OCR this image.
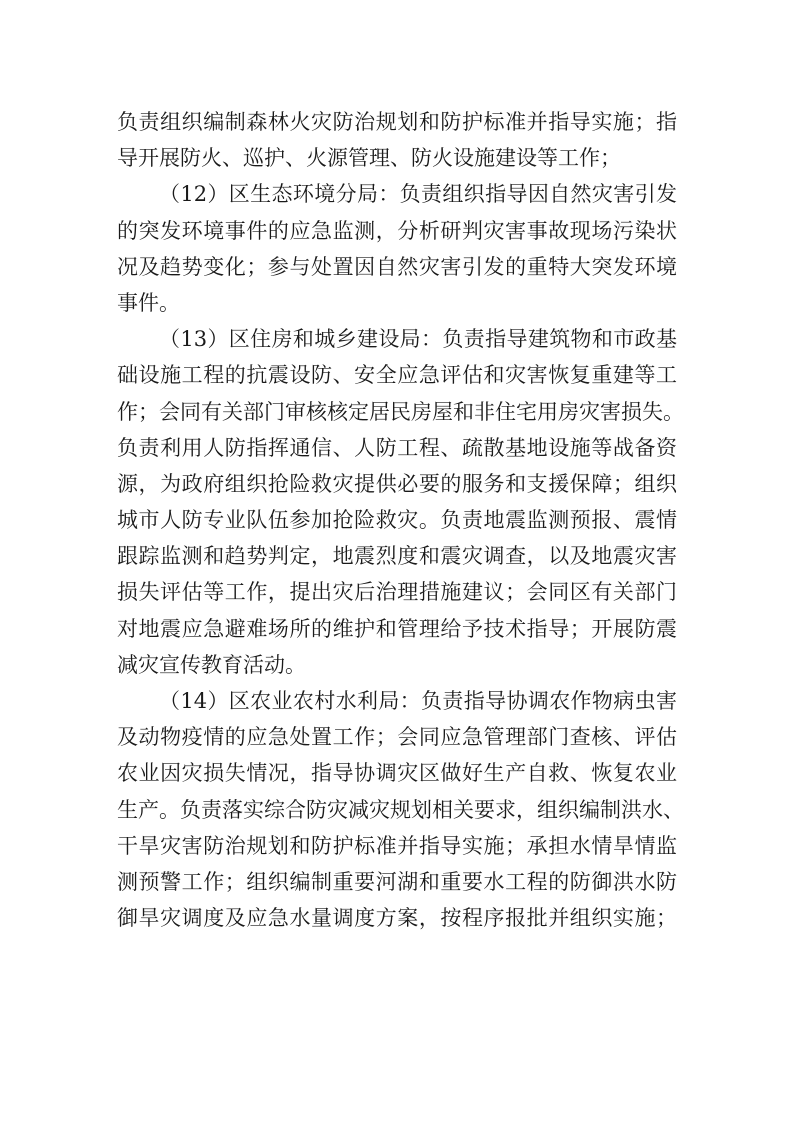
负责组织编制森林火灾防治规划和防护标准并指导实施；指
导开展防火、巡护、火源管理、防火设施建设等工作；
（12）区生态环境分局：负责组织指导因自然灾害引发
的突发环境事件的应急监测，分析研判灾害事故现场污染状
况及趋势变化；参与处置因自然灾害引发的重特大突发环境
事件。
（13）区住房和城乡建设局：负责指导建筑物和市政基
础设施工程的抗震设防、安全应急评估和灾害恢复重建等工
作；会同有关部门审核核定居民房屋和非住宅用房灾害损失。
负责利用人防指挥通信、人防工程、疏散基地设施等战备资
源，为政府组织抢险救灾提供必要的服务和支援保障；组织
城市人防专业队伍参加抢险救灾。负责地震监测预报、震情
跟踪监测和趋势判定，地震烈度和震灾调查，以及地震灾害
损失评估等工作，提出灾后治理措施建议；会同区有关部门
对地震应急避难场所的维护和管理给予技术指导；开展防震
减灾宣传教育活动。
（14）区农业农村水利局：负责指导协调农作物病虫害
及动物疫情的应急处置工作；会同应急管理部门查核、评估
农业因灾损失情况，指导协调灾区做好生产自救、恢复农业
生产。负责落实综合防灾减灾规划相关要求，组织编制洪水、
干旱灾害防治规划和防护标准并指导实施；承担水情旱情监
测预警工作；组织编制重要河湖和重要水工程的防御洪水防
御旱灾调度及应急水量调度方案，按程序报批并组织实施；
